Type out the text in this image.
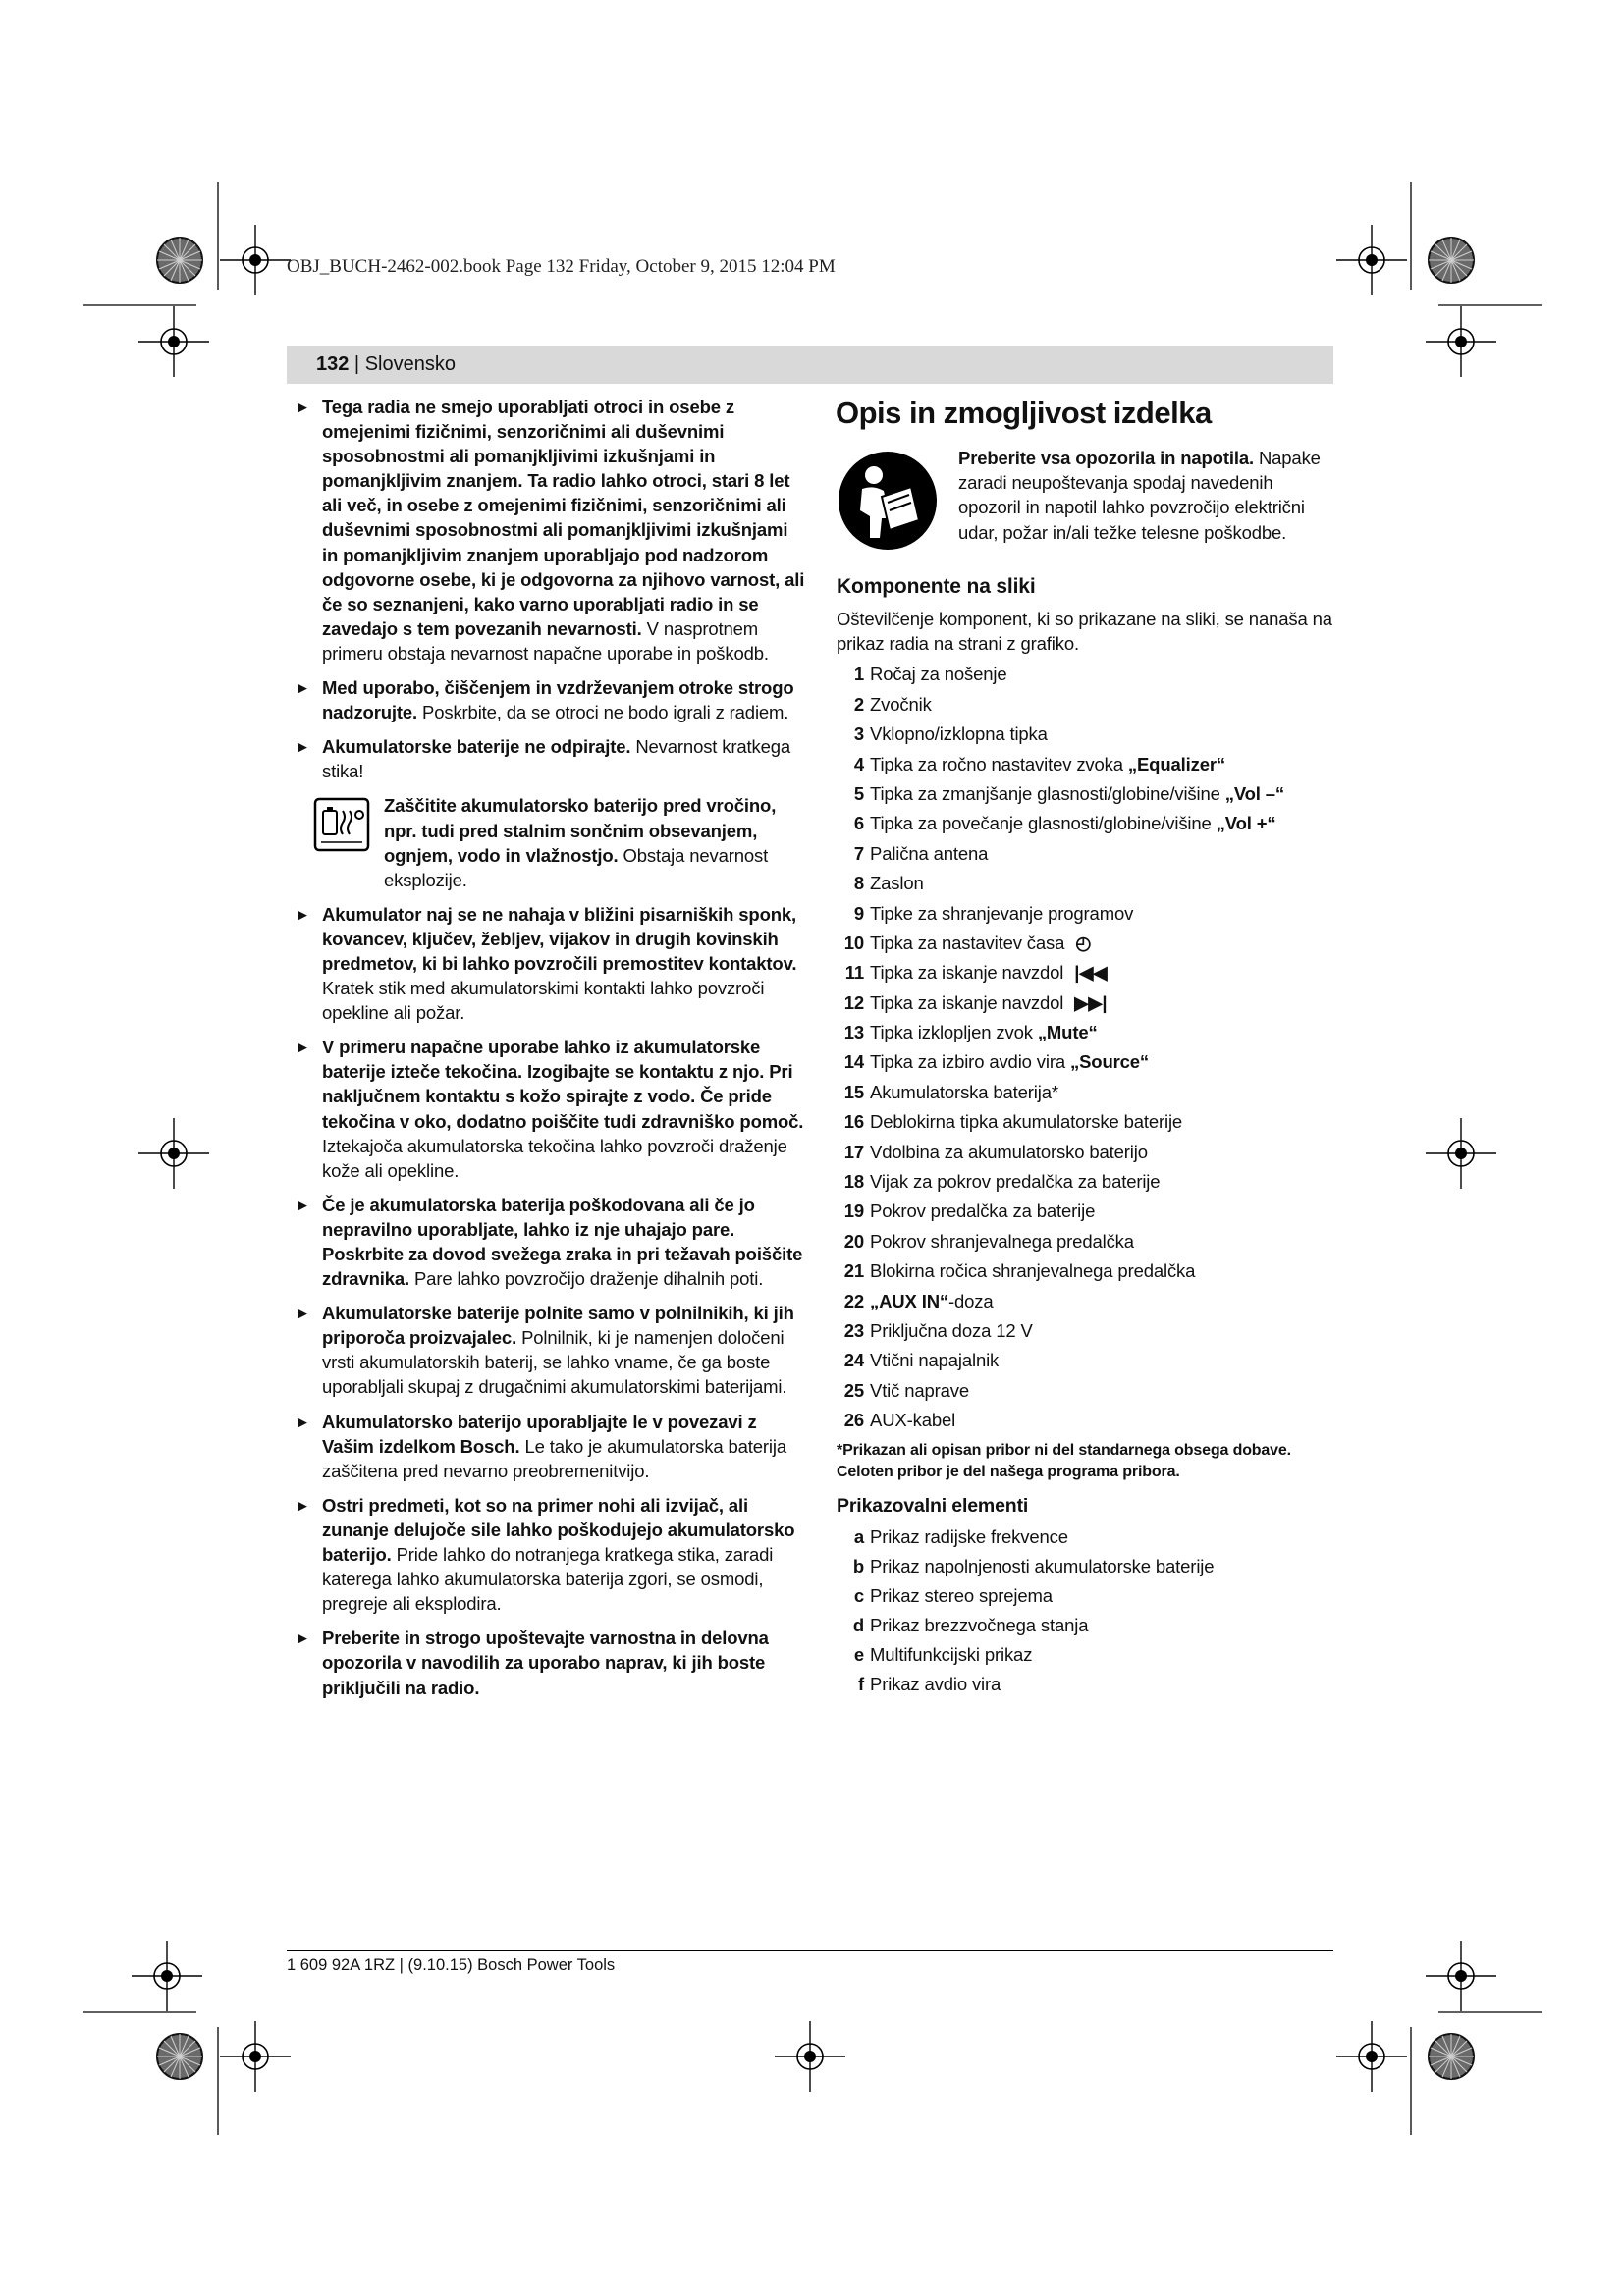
OBJ_BUCH-2462-002.book Page 132 Friday, October 9, 2015 12:04 PM
132 | Slovensko
▶ Tega radia ne smejo uporabljati otroci in osebe z omejenimi fizičnimi, senzoričnimi ali duševnimi sposobnostmi ali pomanjkljivimi izkušnjami in pomanjkljivim znanjem. Ta radio lahko otroci, stari 8 let ali več, in osebe z omejenimi fizičnimi, senzoričnimi ali duševnimi sposobnostmi ali pomanjkljivimi izkušnjami in pomanjkljivim znanjem uporabljajo pod nadzorom odgovorne osebe, ki je odgovorna za njihovo varnost, ali če so seznanjeni, kako varno uporabljati radio in se zavedajo s tem povezanih nevarnosti. V nasprotnem primeru obstaja nevarnost napačne uporabe in poškodb.
▶ Med uporabo, čiščenjem in vzdrževanjem otroke strogo nadzorujte. Poskrbite, da se otroci ne bodo igrali z radiem.
▶ Akumulatorske baterije ne odpirajte. Nevarnost kratkega stika!
Zaščitite akumulatorsko baterijo pred vročino, npr. tudi pred stalnim sončnim obsevanjem, ognjem, vodo in vlažnostjo. Obstaja nevarnost eksplozije.
▶ Akumulator naj se ne nahaja v bližini pisarniških sponk, kovancev, ključev, žebljev, vijakov in drugih kovinskih predmetov, ki bi lahko povzročili premostitev kontaktov. Kratek stik med akumulatorskimi kontakti lahko povzroči opekline ali požar.
▶ V primeru napačne uporabe lahko iz akumulatorske baterije izteče tekočina. Izogibajte se kontaktu z njo. Pri naključnem kontaktu s kožo spirajte z vodo. Če pride tekočina v oko, dodatno poiščite tudi zdravniško pomoč. Iztekajoča akumulatorska tekočina lahko povzroči draženje kože ali opekline.
▶ Če je akumulatorska baterija poškodovana ali če jo nepravilno uporabljate, lahko iz nje uhajajo pare. Poskrbite za dovod svežega zraka in pri težavah poiščite zdravnika. Pare lahko povzročijo draženje dihalnih poti.
▶ Akumulatorske baterije polnite samo v polnilnikih, ki jih priporoča proizvajalec. Polnilnik, ki je namenjen določeni vrsti akumulatorskih baterij, se lahko vname, če ga boste uporabljali skupaj z drugačnimi akumulatorskimi baterijami.
▶ Akumulatorsko baterijo uporabljajte le v povezavi z Vašim izdelkom Bosch. Le tako je akumulatorska baterija zaščitena pred nevarno preobremenitvijo.
▶ Ostri predmeti, kot so na primer nohi ali izvijač, ali zunanje delujoče sile lahko poškodujejo akumulatorsko baterijo. Pride lahko do notranjega kratkega stika, zaradi katerega lahko akumulatorska baterija zgori, se osmodi, pregreje ali eksplodira.
▶ Preberite in strogo upoštevajte varnostna in delovna opozorila v navodilih za uporabo naprav, ki jih boste priključili na radio.
Opis in zmogljivost izdelka
Preberite vsa opozorila in napotila. Napake zaradi neupoštevanja spodaj navedenih opozoril in napotil lahko povzročijo električni udar, požar in/ali težke telesne poškodbe.
Komponente na sliki
Oštevilčenje komponent, ki so prikazane na sliki, se nanaša na prikaz radia na strani z grafiko.
1 Ročaj za nošenje
2 Zvočnik
3 Vklopno/izklopna tipka
4 Tipka za ročno nastavitev zvoka „Equalizer“
5 Tipka za zmanjšanje glasnosti/globine/višine „Vol –“
6 Tipka za povečanje glasnosti/globine/višine „Vol +“
7 Palična antena
8 Zaslon
9 Tipke za shranjevanje programov
10 Tipka za nastavitev časa ◴
11 Tipka za iskanje navzdol |◀◀
12 Tipka za iskanje navzdol ▶▶|
13 Tipka izklopljen zvok „Mute“
14 Tipka za izbiro avdio vira „Source“
15 Akumulatorska baterija*
16 Deblokirna tipka akumulatorske baterije
17 Vdolbina za akumulatorsko baterijo
18 Vijak za pokrov predalčka za baterije
19 Pokrov predalčka za baterije
20 Pokrov shranjevalnega predalčka
21 Blokirna ročica shranjevalnega predalčka
22 „AUX IN“-doza
23 Priključna doza 12 V
24 Vtični napajalnik
25 Vtič naprave
26 AUX-kabel
*Prikazan ali opisan pribor ni del standarnega obsega dobave. Celoten pribor je del našega programa pribora.
Prikazovalni elementi
a Prikaz radijske frekvence
b Prikaz napolnjenosti akumulatorske baterije
c Prikaz stereo sprejema
d Prikaz brezzvočnega stanja
e Multifunkcijski prikaz
f Prikaz avdio vira
1 609 92A 1RZ | (9.10.15) Bosch Power Tools
